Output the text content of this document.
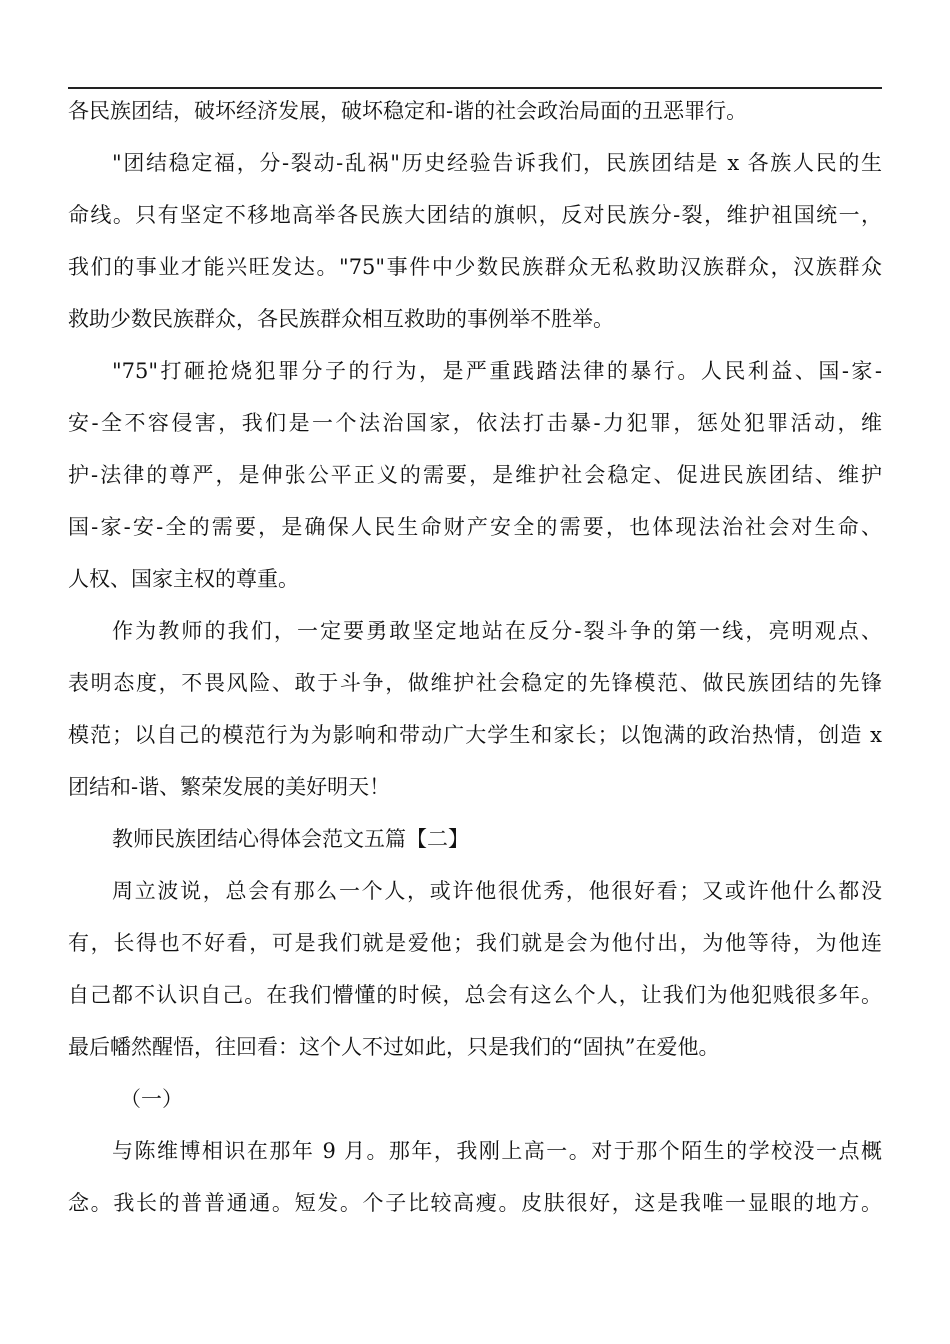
各民族团结，破坏经济发展，破坏稳定和-谐的社会政治局面的丑恶罪行。
"团结稳定福，分-裂动-乱祸"历史经验告诉我们，民族团结是 x 各族人民的生
命线。只有坚定不移地高举各民族大团结的旗帜，反对民族分-裂，维护祖国统一，
我们的事业才能兴旺发达。"75"事件中少数民族群众无私救助汉族群众，汉族群众
救助少数民族群众，各民族群众相互救助的事例举不胜举。
"75"打砸抢烧犯罪分子的行为，是严重践踏法律的暴行。人民利益、国-家-
安-全不容侵害，我们是一个法治国家，依法打击暴-力犯罪，惩处犯罪活动，维
护-法律的尊严，是伸张公平正义的需要，是维护社会稳定、促进民族团结、维护
国-家-安-全的需要，是确保人民生命财产安全的需要，也体现法治社会对生命、
人权、国家主权的尊重。
作为教师的我们，一定要勇敢坚定地站在反分-裂斗争的第一线，亮明观点、
表明态度，不畏风险、敢于斗争，做维护社会稳定的先锋模范、做民族团结的先锋
模范；以自己的模范行为为影响和带动广大学生和家长；以饱满的政治热情，创造 x
团结和-谐、繁荣发展的美好明天！
教师民族团结心得体会范文五篇【二】
周立波说，总会有那么一个人，或许他很优秀，他很好看；又或许他什么都没
有，长得也不好看，可是我们就是爱他；我们就是会为他付出，为他等待，为他连
自己都不认识自己。在我们懵懂的时候，总会有这么个人，让我们为他犯贱很多年。
最后幡然醒悟，往回看：这个人不过如此，只是我们的“固执”在爱他。
（一）
与陈维博相识在那年 9 月。那年，我刚上高一。对于那个陌生的学校没一点概
念。我长的普普通通。短发。个子比较高瘦。皮肤很好，这是我唯一显眼的地方。
